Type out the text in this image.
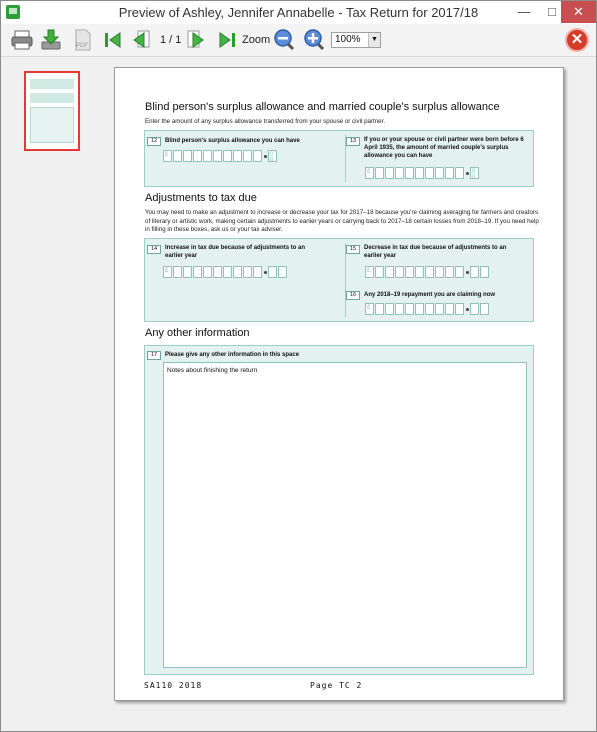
Preview of Ashley, Jennifer Annabelle - Tax Return for 2017/18	—	□	✕
PDF	1 / 1	Zoom	100%	▼	✕
Blind person's surplus allowance and married couple's surplus allowance
Enter the amount of any surplus allowance transferred from your spouse or civil partner.
12	Blind person's surplus allowance you can have
£	0 0
13	If you or your spouse or civil partner were born before 6 April 1935, the amount of married couple's surplus allowance you can have
£	0 0
Adjustments to tax due
You may need to make an adjustment to increase or decrease your tax for 2017–18 because you're claiming averaging for farmers and creators of literary or artistic work, making certain adjustments to earlier years or carrying back to 2017–18 certain losses from 2018–19. If you need help in filling in these boxes, ask us or your tax adviser.
14	Increase in tax due because of adjustments to an earlier year
£
15	Decrease in tax due because of adjustments to an earlier year
£
16	Any 2018–19 repayment you are claiming now
£
Any other information
17	Please give any other information in this space
Notes about finishing the return
SA110 2018	Page TC 2
